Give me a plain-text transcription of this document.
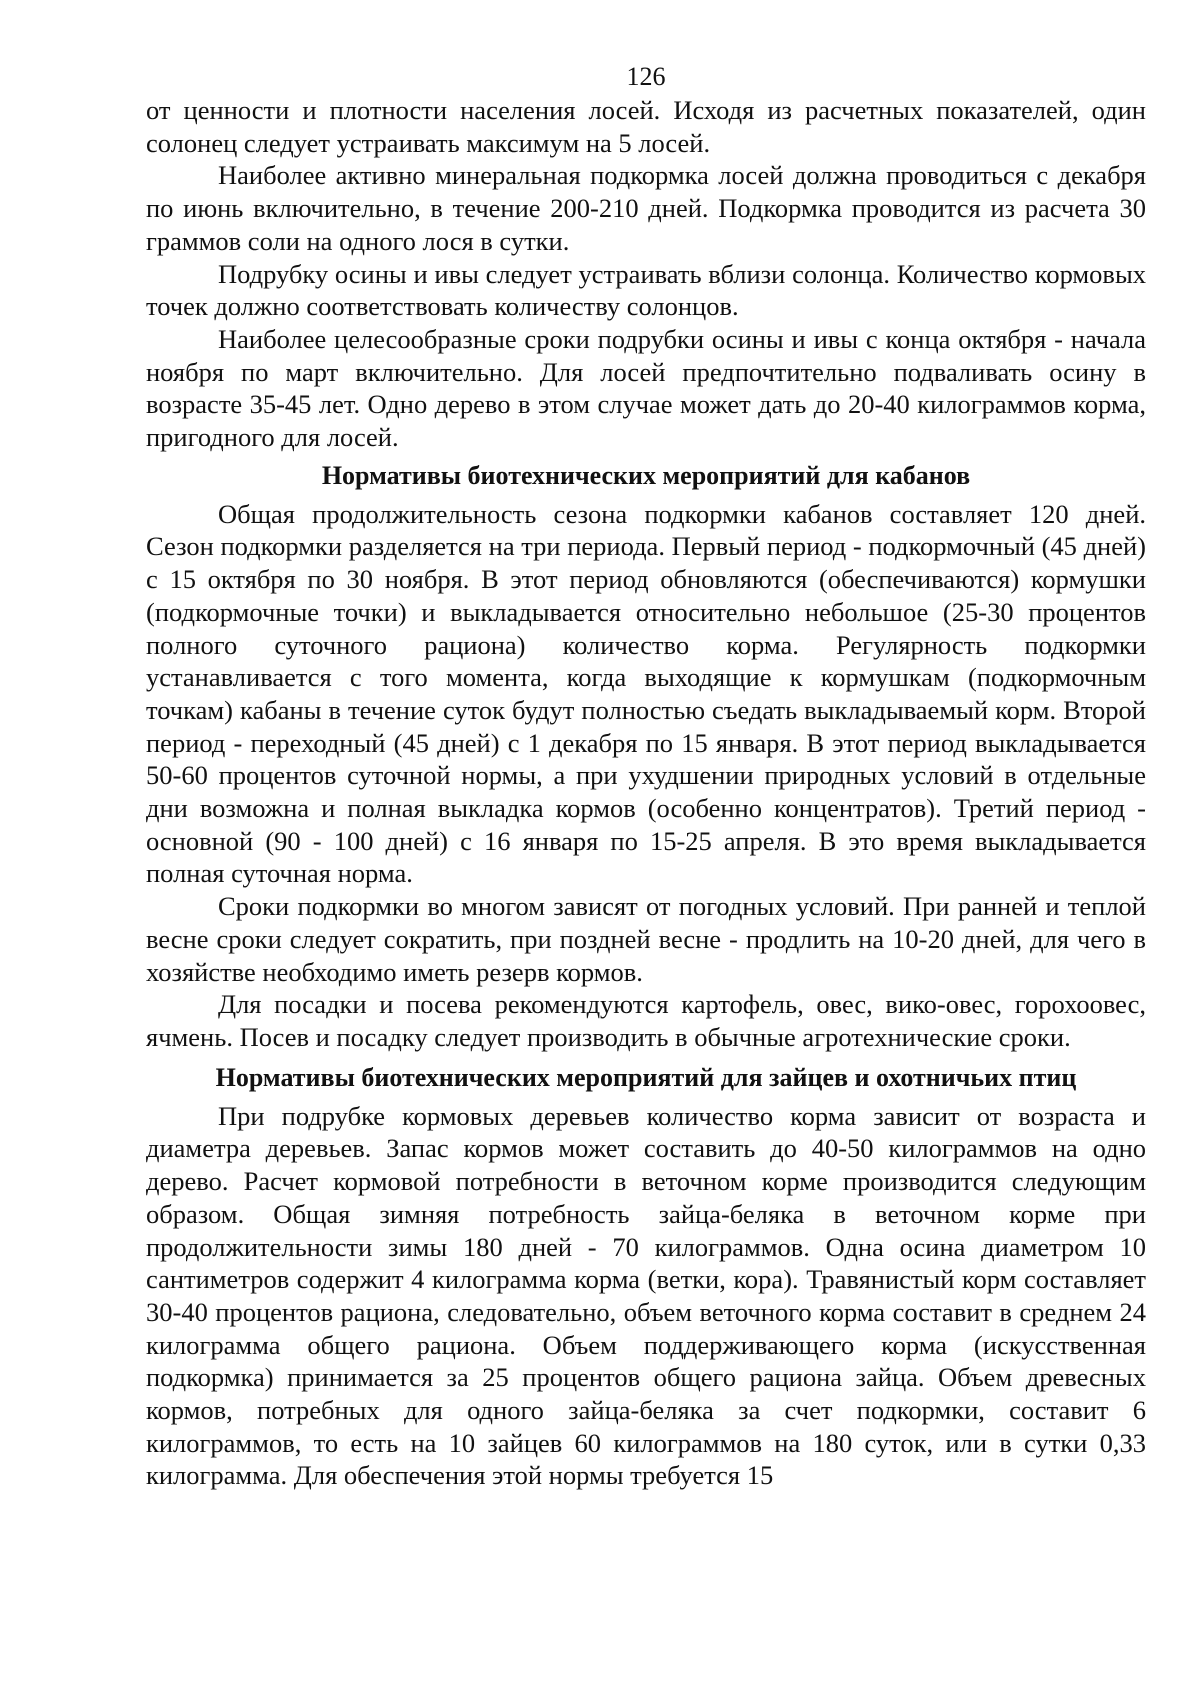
126

от ценности и плотности населения лосей. Исходя из расчетных показателей, один солонец следует устраивать максимум на 5 лосей.

Наиболее активно минеральная подкормка лосей должна проводиться с декабря по июнь включительно, в течение 200-210 дней. Подкормка проводится из расчета 30 граммов соли на одного лося в сутки.

Подрубку осины и ивы следует устраивать вблизи солонца. Количество кормовых точек должно соответствовать количеству солонцов.

Наиболее целесообразные сроки подрубки осины и ивы с конца октября - начала ноября по март включительно. Для лосей предпочтительно подваливать осину в возрасте 35-45 лет. Одно дерево в этом случае может дать до 20-40 килограммов корма, пригодного для лосей.

Нормативы биотехнических мероприятий для кабанов

Общая продолжительность сезона подкормки кабанов составляет 120 дней. Сезон подкормки разделяется на три периода. Первый период - подкормочный (45 дней) с 15 октября по 30 ноября. В этот период обновляются (обеспечиваются) кормушки (подкормочные точки) и выкладывается относительно небольшое (25-30 процентов полного суточного рациона) количество корма. Регулярность подкормки устанавливается с того момента, когда выходящие к кормушкам (подкормочным точкам) кабаны в течение суток будут полностью съедать выкладываемый корм. Второй период - переходный (45 дней) с 1 декабря по 15 января. В этот период выкладывается 50-60 процентов суточной нормы, а при ухудшении природных условий в отдельные дни возможна и полная выкладка кормов (особенно концентратов). Третий период - основной (90 - 100 дней) с 16 января по 15-25 апреля. В это время выкладывается полная суточная норма.

Сроки подкормки во многом зависят от погодных условий. При ранней и теплой весне сроки следует сократить, при поздней весне - продлить на 10-20 дней, для чего в хозяйстве необходимо иметь резерв кормов.

Для посадки и посева рекомендуются картофель, овес, вико-овес, горохоовес, ячмень. Посев и посадку следует производить в обычные агротехнические сроки.

Нормативы биотехнических мероприятий для зайцев и охотничьих птиц

При подрубке кормовых деревьев количество корма зависит от возраста и диаметра деревьев. Запас кормов может составить до 40-50 килограммов на одно дерево. Расчет кормовой потребности в веточном корме производится следующим образом. Общая зимняя потребность зайца-беляка в веточном корме при продолжительности зимы 180 дней - 70 килограммов. Одна осина диаметром 10 сантиметров содержит 4 килограмма корма (ветки, кора). Травянистый корм составляет 30-40 процентов рациона, следовательно, объем веточного корма составит в среднем 24 килограмма общего рациона. Объем поддерживающего корма (искусственная подкормка) принимается за 25 процентов общего рациона зайца. Объем древесных кормов, потребных для одного зайца-беляка за счет подкормки, составит 6 килограммов, то есть на 10 зайцев 60 килограммов на 180 суток, или в сутки 0,33 килограмма. Для обеспечения этой нормы требуется 15
